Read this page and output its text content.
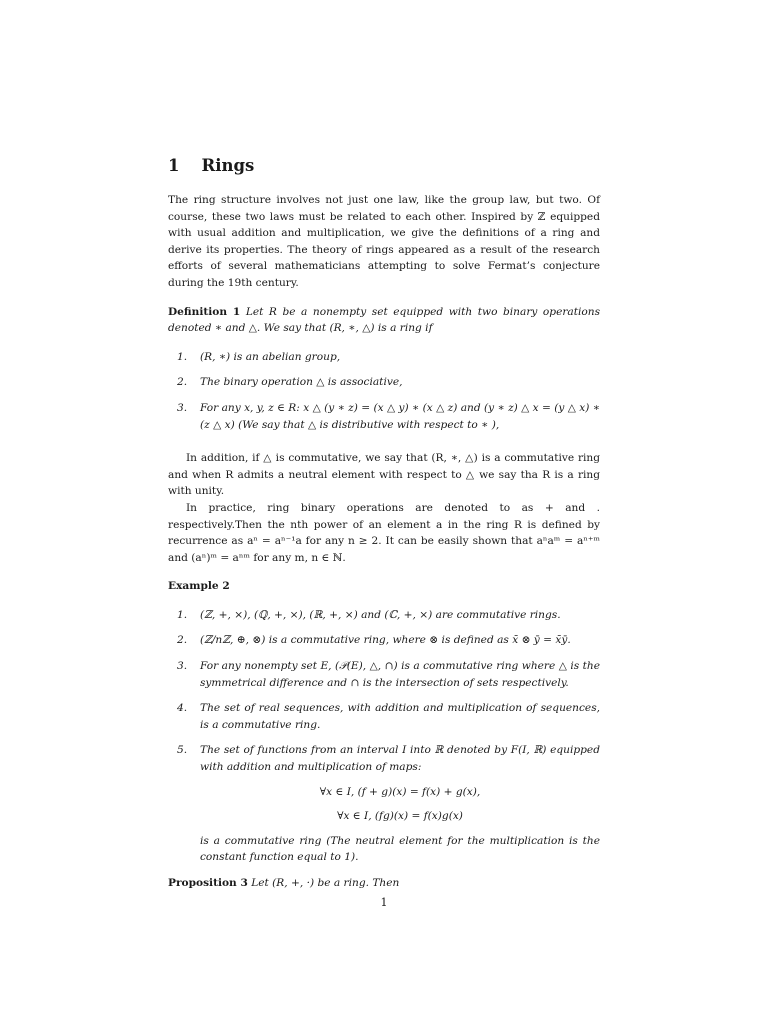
1 Rings

The ring structure involves not just one law, like the group law, but two. Of course, these two laws must be related to each other. Inspired by ℤ equipped with usual addition and multiplication, we give the definitions of a ring and derive its properties. The theory of rings appeared as a result of the research efforts of several mathematicians attempting to solve Fermat’s conjecture during the 19th century.

Definition 1 Let R be a nonempty set equipped with two binary operations denoted ∗ and △. We say that (R, ∗, △) is a ring if

1. (R, ∗) is an abelian group,
2. The binary operation △ is associative,
3. For any x, y, z ∈ R: x △ (y ∗ z) = (x △ y) ∗ (x △ z) and (y ∗ z) △ x = (y △ x) ∗ (z △ x) (We say that △ is distributive with respect to ∗ ),

In addition, if △ is commutative, we say that (R, ∗, △) is a commutative ring and when R admits a neutral element with respect to △ we say tha R is a ring with unity.

In practice, ring binary operations are denoted to as + and . respectively.Then the nth power of an element a in the ring R is defined by recurrence as aⁿ = aⁿ⁻¹a for any n ≥ 2. It can be easily shown that aⁿaᵐ = aⁿ⁺ᵐ and (aⁿ)ᵐ = aⁿᵐ for any m, n ∈ ℕ.

Example 2

1. (ℤ, +, ×), (ℚ, +, ×), (ℝ, +, ×) and (ℂ, +, ×) are commutative rings.
2. (ℤ/nℤ, ⊕, ⊗) is a commutative ring, where ⊗ is defined as x̄ ⊗ ȳ = x̄ȳ.
3. For any nonempty set E, (𝒫(E), △, ∩) is a commutative ring where △ is the symmetrical difference and ∩ is the intersection of sets respectively.
4. The set of real sequences, with addition and multiplication of sequences, is a commutative ring.
5. The set of functions from an interval I into ℝ denoted by F(I, ℝ) equipped with addition and multiplication of maps:
∀x ∈ I, (f + g)(x) = f(x) + g(x),
∀x ∈ I, (fg)(x) = f(x)g(x)
is a commutative ring (The neutral element for the multiplication is the constant function equal to 1).

Proposition 3 Let (R, +, ·) be a ring. Then

1
